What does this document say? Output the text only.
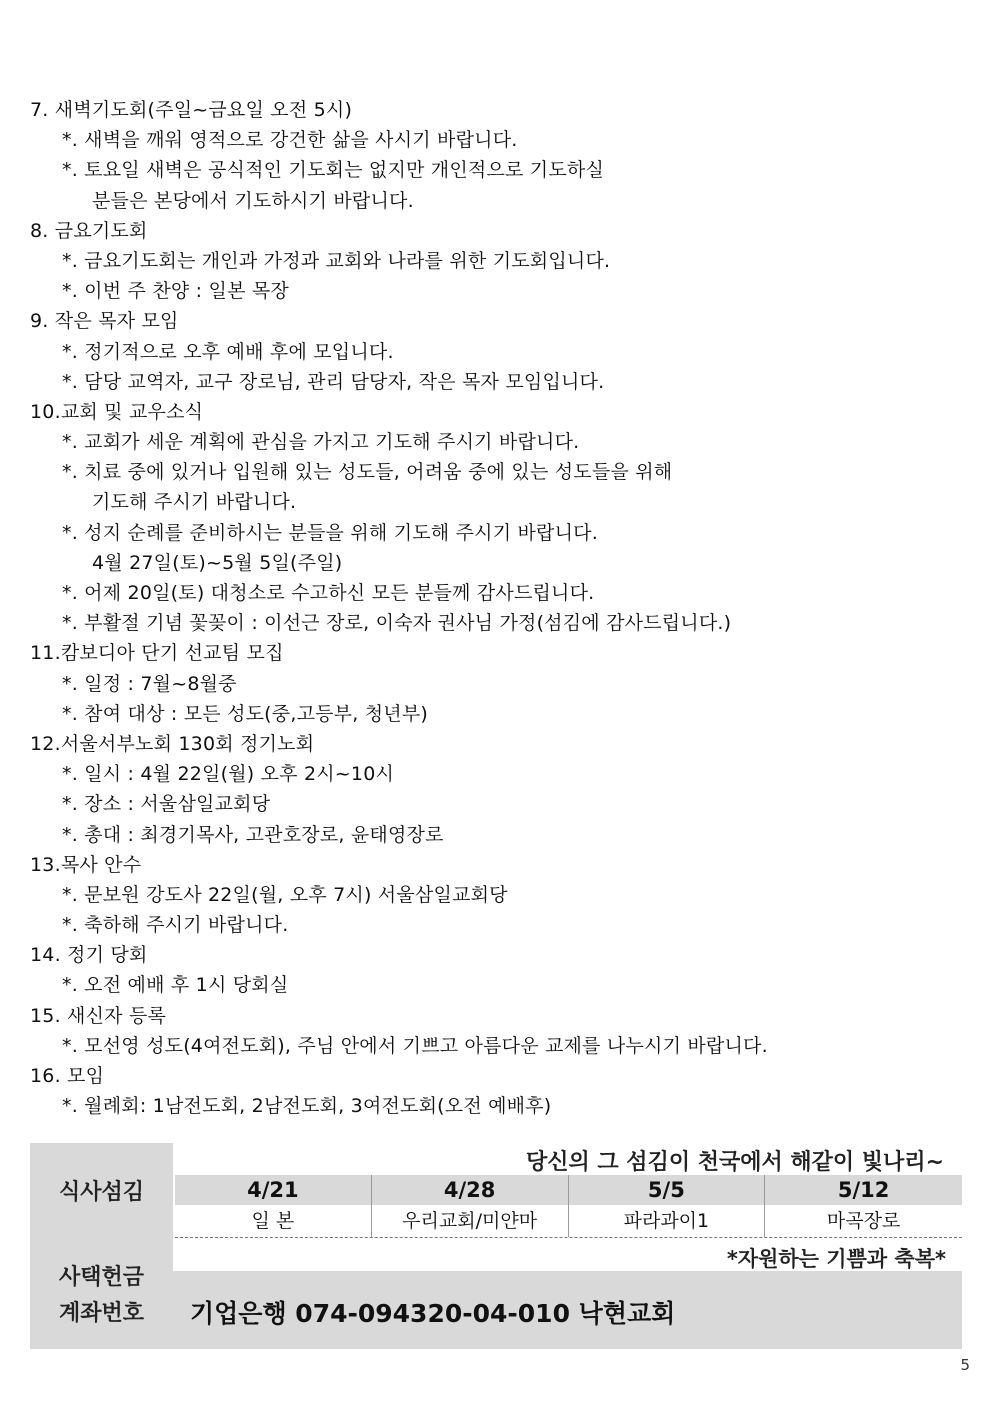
7. 새벽기도회(주일~금요일 오전 5시)
*. 새벽을 깨워 영적으로 강건한 삶을 사시기 바랍니다.
*. 토요일 새벽은 공식적인 기도회는 없지만 개인적으로 기도하실
분들은 본당에서 기도하시기 바랍니다.
8. 금요기도회
*. 금요기도회는 개인과 가정과 교회와 나라를 위한 기도회입니다.
*. 이번 주 찬양 : 일본 목장
9. 작은 목자 모임
*. 정기적으로 오후 예배 후에 모입니다.
*. 담당 교역자, 교구 장로님, 관리 담당자, 작은 목자 모임입니다.
10.교회 및 교우소식
*. 교회가 세운 계획에 관심을 가지고 기도해 주시기 바랍니다.
*. 치료 중에 있거나 입원해 있는 성도들, 어려움 중에 있는 성도들을 위해
기도해 주시기 바랍니다.
*. 성지 순례를 준비하시는 분들을 위해 기도해 주시기 바랍니다.
4월 27일(토)~5월 5일(주일)
*. 어제 20일(토) 대청소로 수고하신 모든 분들께 감사드립니다.
*. 부활절 기념 꽃꽂이 : 이선근 장로, 이숙자 권사님 가정(섬김에 감사드립니다.)
11.캄보디아 단기 선교팀 모집
*. 일정 : 7월~8월중
*. 참여 대상 : 모든 성도(중,고등부, 청년부)
12.서울서부노회 130회 정기노회
*. 일시 : 4월 22일(월) 오후 2시~10시
*. 장소 : 서울삼일교회당
*. 총대 : 최경기목사, 고관호장로, 윤태영장로
13.목사 안수
*. 문보원 강도사 22일(월, 오후 7시) 서울삼일교회당
*. 축하해 주시기 바랍니다.
14. 정기 당회
*. 오전 예배 후 1시 당회실
15. 새신자 등록
*. 모선영 성도(4여전도회), 주님 안에서 기쁘고 아름다운 교제를 나누시기 바랍니다.
16. 모임
*. 월례회: 1남전도회, 2남전도회, 3여전도회(오전 예배후)
식사섬김
당신의 그 섬김이 천국에서 해같이 빛나리~
4/21	4/28	5/5	5/12
일 본	우리교회/미얀마	파라과이1	마곡장로
*자원하는 기쁨과 축복*
사택헌금
계좌번호	기업은행 074-094320-04-010 낙현교회
5
